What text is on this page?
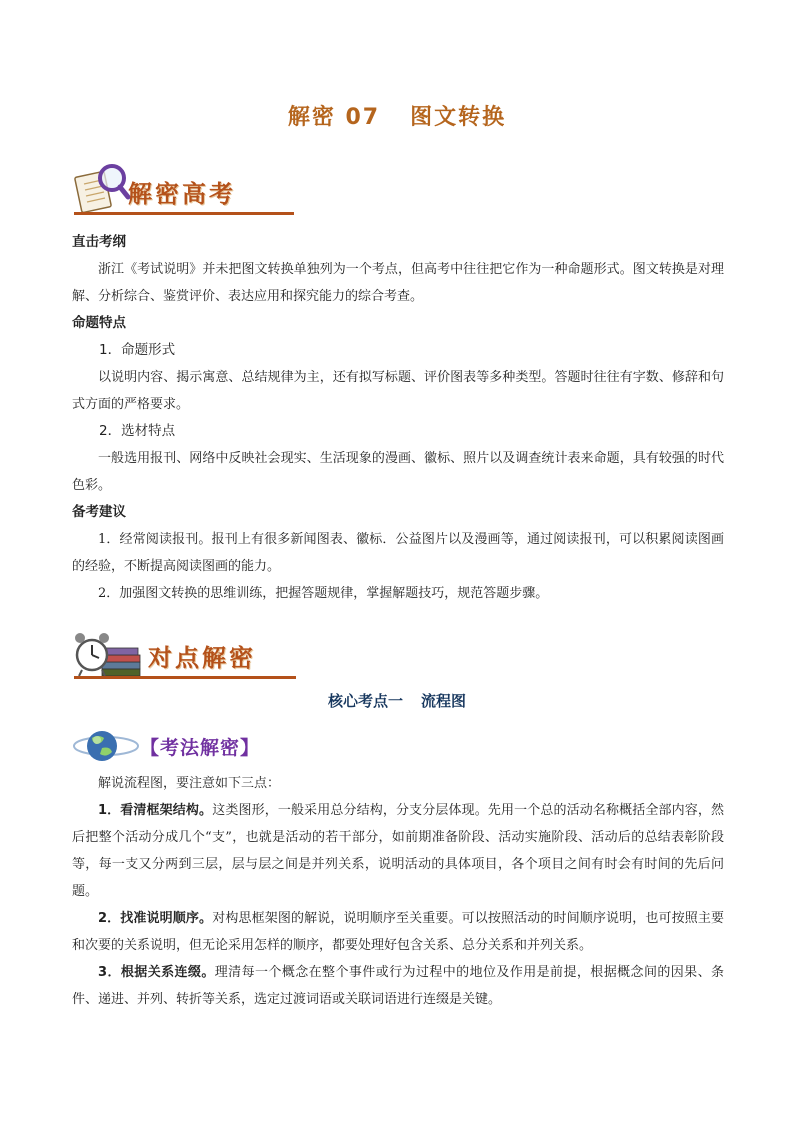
解密 07 图文转换
解密高考
直击考纲

浙江《考试说明》并未把图文转换单独列为一个考点，但高考中往往把它作为一种命题形式。图文转换是对理解、分析综合、鉴赏评价、表达应用和探究能力的综合考查。

命题特点
1．命题形式

以说明内容、揭示寓意、总结规律为主，还有拟写标题、评价图表等多种类型。答题时往往有字数、修辞和句式方面的严格要求。

2．选材特点

一般选用报刊、网络中反映社会现实、生活现象的漫画、徽标、照片以及调查统计表来命题，具有较强的时代色彩。

备考建议

1．经常阅读报刊。报刊上有很多新闻图表、徽标．公益图片以及漫画等，通过阅读报刊，可以积累阅读图画的经验，不断提高阅读图画的能力。

2．加强图文转换的思维训练，把握答题规律，掌握解题技巧，规范答题步骤。

对点解密
核心考点一 流程图
【考法解密】

解说流程图，要注意如下三点：

1．看清框架结构。这类图形，一般采用总分结构，分支分层体现。先用一个总的活动名称概括全部内容，然后把整个活动分成几个“支”，也就是活动的若干部分，如前期准备阶段、活动实施阶段、活动后的总结表彰阶段等，每一支又分两到三层，层与层之间是并列关系，说明活动的具体项目，各个项目之间有时会有时间的先后问题。

2．找准说明顺序。对构思框架图的解说，说明顺序至关重要。可以按照活动的时间顺序说明，也可按照主要和次要的关系说明，但无论采用怎样的顺序，都要处理好包含关系、总分关系和并列关系。

3．根据关系连缀。理清每一个概念在整个事件或行为过程中的地位及作用是前提，根据概念间的因果、条件、递进、并列、转折等关系，选定过渡词语或关联词语进行连缀是关键。
